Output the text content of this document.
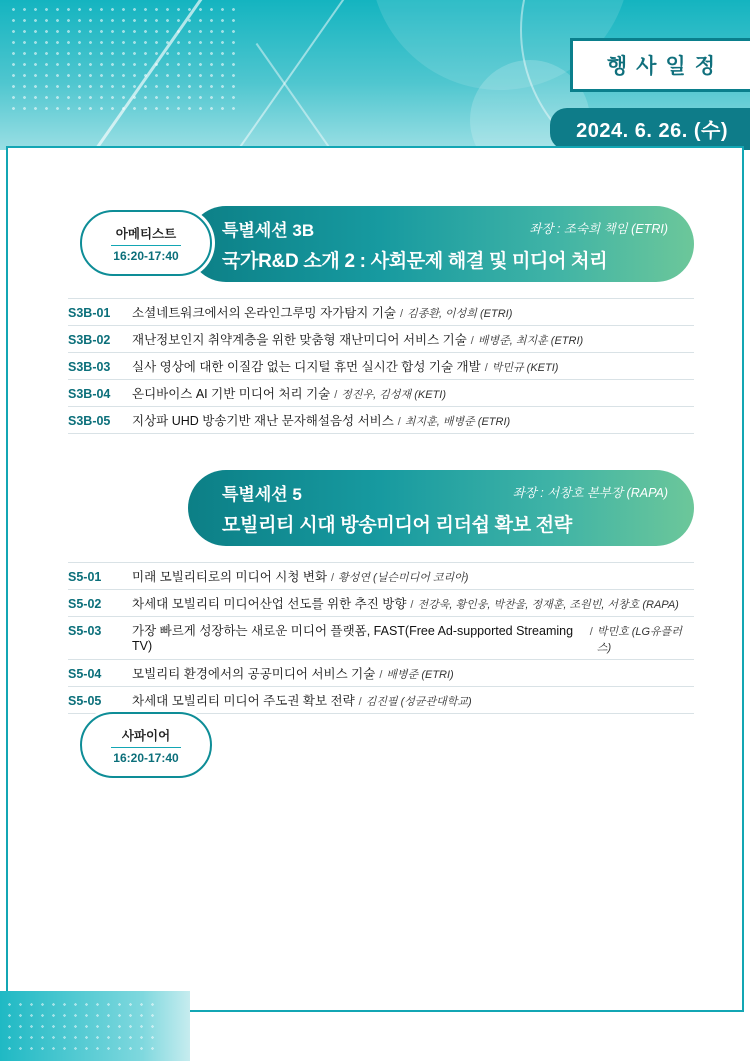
행사일정
2024. 6. 26. (수)
특별세션 3B	좌장 : 조숙희 책임 (ETRI)
국가R&D 소개 2 : 사회문제 해결 및 미디어 처리
아메티스트
16:20-17:40
S3B-01	소셜네트워크에서의 온라인그루밍 자가탐지 기술 / 김종환, 이성희 (ETRI)
S3B-02	재난정보인지 취약계층을 위한 맞춤형 재난미디어 서비스 기술 / 배병준, 최지훈 (ETRI)
S3B-03	실사 영상에 대한 이질감 없는 디지털 휴먼 실시간 합성 기술 개발 / 박민규 (KETI)
S3B-04	온디바이스 AI 기반 미디어 처리 기술 / 정진우, 김성재 (KETI)
S3B-05	지상파 UHD 방송기반 재난 문자해설음성 서비스 / 최지훈, 배병준 (ETRI)
특별세션 5	좌장 : 서창호 본부장 (RAPA)
모빌리티 시대 방송미디어 리더쉽 확보 전략
사파이어
16:20-17:40
S5-01	미래 모빌리티로의 미디어 시청 변화 / 황성연 (닐슨미디어 코리아)
S5-02	차세대 모빌리티 미디어산업 선도를 위한 추진 방향 / 전강욱, 황인웅, 박찬울, 정재훈, 조원빈, 서창호 (RAPA)
S5-03	가장 빠르게 성장하는 새로운 미디어 플랫폼, FAST(Free Ad-supported Streaming TV)
/ 박민호 (LG유플러스)
S5-04	모빌리티 환경에서의 공공미디어 서비스 기술 / 배병준 (ETRI)
S5-05	차세대 모빌리티 미디어 주도권 확보 전략 / 김진필 (성균관대학교)
